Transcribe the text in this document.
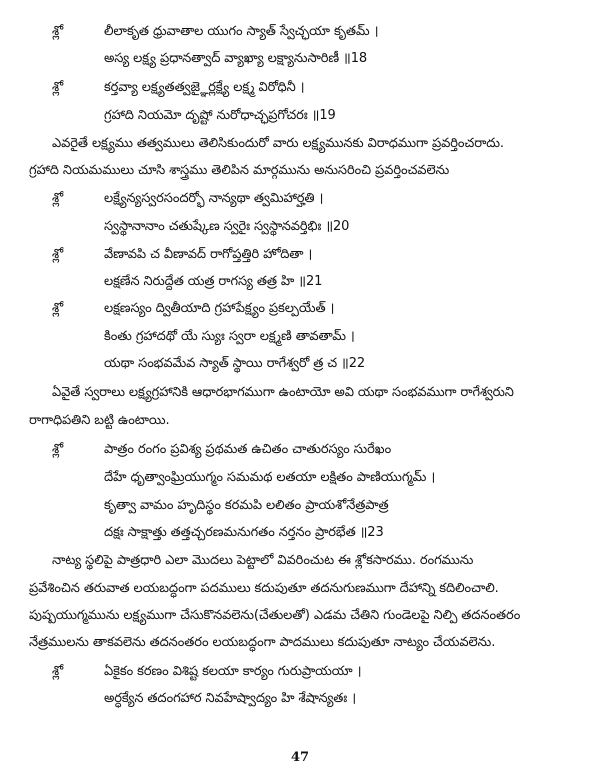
శ్లో	లీలాకృత ధ్రువాతాల యుగం స్యాత్ స్వేచ్ఛయా కృతమ్ ।
అస్య లక్ష్య ప్రధానత్వాద్ వ్యాఖ్యా లక్ష్యానుసారిణీ ॥18
శ్లో	కర్తవ్యా లక్ష్యతత్వజ్ఞైర్లక్ష్యే లక్ష్మ విరోధినీ ।
గ్రహాది నియమో దృష్టో నురోధాచ్ఛప్రగోచరః ॥19
ఎవరైతే లక్ష్యము తత్వములు తెలిసికుందురో వారు లక్ష్యమునకు విరాధముగా ప్రవర్తించరాదు.
గ్రహాది నియమములు చూసి శాస్త్రము తెలిపిన మార్గమును అనుసరించి ప్రవర్తించవలెను
శ్లో	లక్ష్యేన్యస్వరసందర్భో నాన్యథా త్వమిహార్హతి ।
స్వస్థానానాం చతుష్కేణ స్వరైః స్వస్థానవర్తిభిః ॥20
శ్లో	వేణావపి చ వీణావద్ రాగోప్తత్తిరి హోదితా ।
లక్షణేన నిరుద్దేత యత్ర రాగస్య తత్ర హి ॥21
శ్లో	లక్షణస్యం ద్వితీయాది గ్రహాపేక్ష్యం ప్రకల్పయేత్ ।
కింతు గ్రహాదథో యే స్యుః స్వరా లక్ష్మణి తావతామ్ ।
యథా సంభవమేవ స్యాత్ స్థాయి రాగేశ్వరో త్ర చ ॥22
ఏవైతే స్వరాలు లక్ష్యగ్రహానికి ఆధారభాగముగా ఉంటాయో అవి యథా సంభవముగా రాగేశ్వరుని
రాగాధిపతిని బట్టి ఉంటాయి.
శ్లో	పాత్రం రంగం ప్రవిశ్య ప్రథమత ఉచితం చాతురస్యం సురేఖం
దేహే ధృత్వాంఘ్రియుగ్మం సమమథ లతయా లక్షితం పాణియుగ్మమ్ ।
కృత్వా వామం హృదిస్థం కరమపి లలితం ప్రాయశోనేత్రపాత్ర
దక్షః సాక్షాత్తు తత్తచ్చరణమనుగతం నర్తనం ప్రారభేత ॥23
నాట్య స్థలిపై పాత్రధారి ఎలా మొదలు పెట్టాలో వివరించుట ఈ శ్లోకసారము. రంగమును
ప్రవేశించిన తరువాత లయబద్ధంగా పదములు కదుపుతూ తదనుగుణముగా దేహాన్ని కదిలించాలి.
పుష్పయుగ్మమును లక్ష్యముగా చేసుకొనవలెను(చేతులతో) ఎడమ చేతిని గుండెలపై నిల్పి తదనంతరం
నేత్రములను తాకవలెను తదనంతరం లయబద్ధంగా పాదములు కదుపుతూ నాట్యం చేయవలెను.
శ్లో	ఏకైకం కరణం విశిష్ట కలయా కార్యం గురుప్రాయయా ।
అర్ధక్యేన తదంగహార నివహేష్వాద్యం హి శేషాన్యతః ।
47
